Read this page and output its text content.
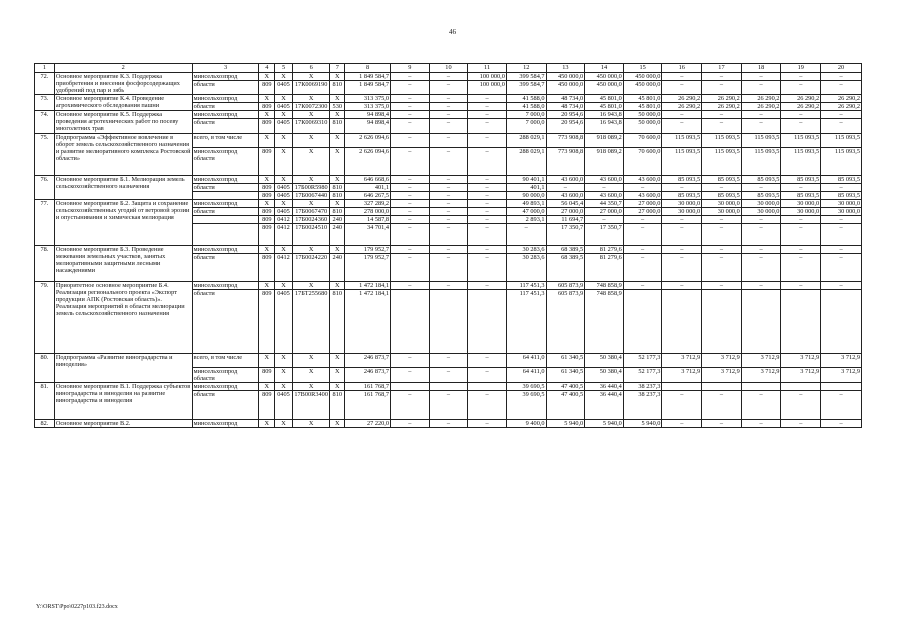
46
1	2	3	4	5	6	7	8	9	10	11	12	13	14	15	16	17	18	19	20
72.	Основное мероприятие К.3. Поддержка приобретения и внесения фосфорсодержащих удобрений под пар и зябь	минсельхозпрод	X	X	X	X	1 849 584,7	–	–	100 000,0	399 584,7	450 000,0	450 000,0	450 000,0	–	–	–	–	–
		области	809	0405	17К0069190	810	1 849 584,7	–	–	100 000,0	399 584,7	450 000,0	450 000,0	450 000,0	–	–	–	–	–
73.	Основное мероприятие К.4. Проведение агрохимического обследования пашни	минсельхозпрод	X	X	X	X	313 375,0	–	–	–	41 588,0	48 734,0	45 801,0	45 801,0	26 290,2	26 290,2	26 290,2	26 290,2	26 290,2
		области	809	0405	17К0072300	530	313 375,0	–	–	–	41 588,0	48 734,0	45 801,0	45 801,0	26 290,2	26 290,2	26 290,2	26 290,2	26 290,2
74.	Основное мероприятие К.5. Поддержка проведения агротехнических работ по посеву многолетних трав	минсельхозпрод	X	X	X	X	94 898,4	–	–	–	7 000,0	20 954,6	16 943,8	50 000,0	–	–	–	–	–
		области	809	0405	17К0069310	810	94 898,4	–	–	–	7 000,0	20 954,6	16 943,8	50 000,0	–	–	–	–	–
75.	Подпрограмма «Эффективное вовлечение в оборот земель сельскохозяйственного назначения и развитие мелиоративного комплекса Ростовской области»	всего, в том числе	X	X	X	X	2 626 094,6	–	–	–	288 029,1	773 908,8	918 089,2	70 600,0	115 093,5	115 093,5	115 093,5	115 093,5	115 093,5
		минсельхозпрод области	809	X	X	X	2 626 094,6	–	–	–	288 029,1	773 908,8	918 089,2	70 600,0	115 093,5	115 093,5	115 093,5	115 093,5	115 093,5
76.	Основное мероприятие Б.1. Мелиорация земель сельскохозяйственного назначения	минсельхозпрод	X	X	X	X	646 668,6	–	–	–	90 401,1	43 600,0	43 600,0	43 600,0	85 093,5	85 093,5	85 093,5	85 093,5	85 093,5
		области	809	0405	17Б00R5980	810	401,1	–	–	–	401,1	–	–	–	–	–	–	–	–
			809	0405	17Б0067440	810	646 267,5	–	–	–	90 000,0	43 600,0	43 600,0	43 600,0	85 093,5	85 093,5	85 093,5	85 093,5	85 093,5
77.	Основное мероприятие Б.2. Защита и сохранение сельскохозяйственных угодий от ветровой эрозии и опустынивания и химическая мелиорация	минсельхозпрод	X	X	X	X	327 289,2	–	–	–	49 893,1	56 045,4	44 350,7	27 000,0	30 000,0	30 000,0	30 000,0	30 000,0	30 000,0
		области	809	0405	17Б0067470	810	278 000,0	–	–	–	47 000,0	27 000,0	27 000,0	27 000,0	30 000,0	30 000,0	30 000,0	30 000,0	30 000,0
			809	0412	17Б0024360	240	14 587,8	–	–	–	2 893,1	11 694,7	–	–	–	–	–	–	–
			809	0412	17Б0024510	240	34 701,4	–	–	–	–	17 350,7	17 350,7	–	–	–	–	–	–
78.	Основное мероприятие Б.3. Проведение межевания земельных участков, занятых мелиоративными защитными лесными насаждениями	минсельхозпрод	X	X	X	X	179 952,7	–	–	–	30 283,6	68 389,5	81 279,6	–	–	–	–	–	–
		области	809	0412	17Б0024220	240	179 952,7	–	–	–	30 283,6	68 389,5	81 279,6	–	–	–	–	–	–
79.	Приоритетное основное мероприятие Б.4. Реализация регионального проекта «Экспорт продукции АПК (Ростовская область)». Реализация мероприятий в области мелиорации земель сельскохозяйственного назначения	минсельхозпрод	X	X	X	X	1 472 184,1	–	–	–	117 451,3	605 873,9	748 858,9	–	–	–	–	–	–
		области	809	0405	17БТ255680	810	1 472 184,1				117 451,3	605 873,9	748 858,9						
80.	Подпрограмма «Развитие виноградарства и виноделия»	всего, в том числе	X	X	X	X	246 873,7	–	–	–	64 411,0	61 340,5	50 380,4	52 177,3	3 712,9	3 712,9	3 712,9	3 712,9	3 712,9
		минсельхозпрод области	809	X	X	X	246 873,7	–	–	–	64 411,0	61 340,5	50 380,4	52 177,3	3 712,9	3 712,9	3 712,9	3 712,9	3 712,9
81.	Основное мероприятие В.1. Поддержка субъектов виноградарства и виноделия на развитие виноградарства и виноделия	минсельхозпрод	X	X	X	X	161 768,7				39 690,5	47 400,5	36 440,4	38 237,3					
		области	809	0405	17В00R3400	810	161 768,7	–	–	–	39 690,5	47 400,5	36 440,4	38 237,3	–	–	–	–	–
82.	Основное мероприятие В.2.	минсельхозпрод	X	X	X	X	27 220,0	–	–	–	9 400,0	5 940,0	5 940,0	5 940,0	–	–	–	–	–
Y:\ORST\Ppo\0227p103.f23.docx
